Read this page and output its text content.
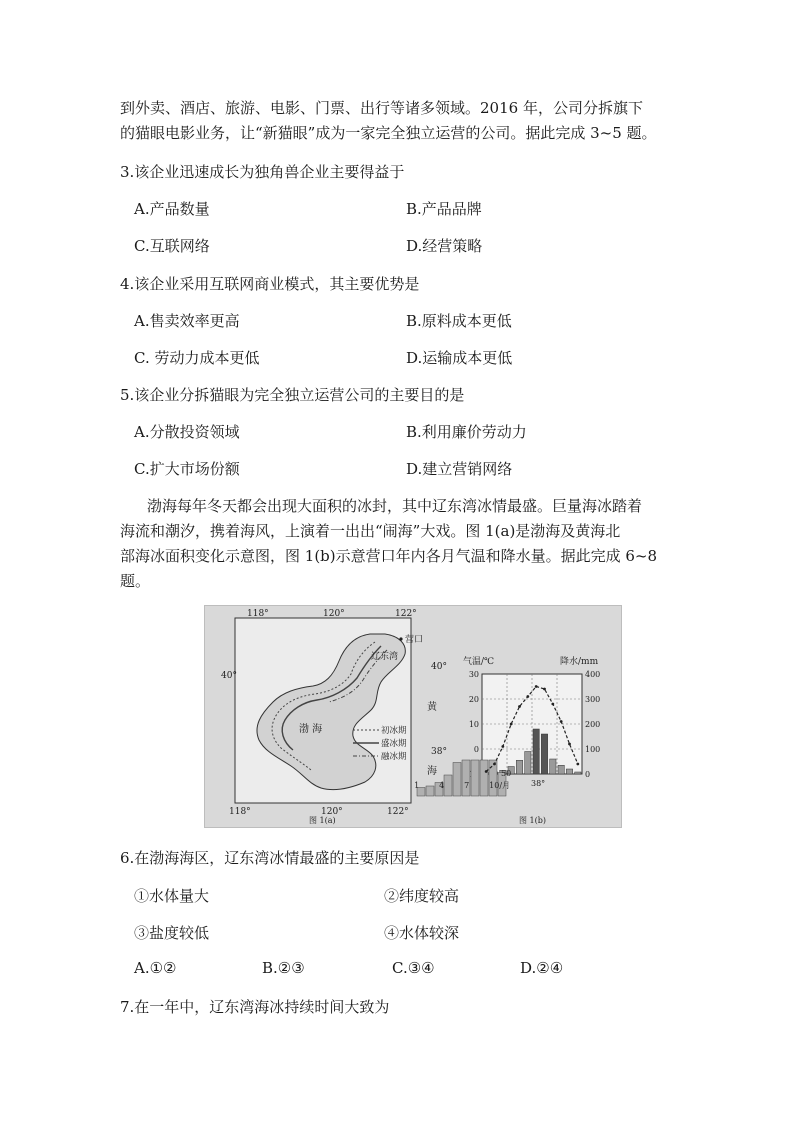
到外卖、酒店、旅游、电影、门票、出行等诸多领域。2016 年，公司分拆旗下
的猫眼电影业务，让“新猫眼”成为一家完全独立运营的公司。据此完成 3~5 题。
3.该企业迅速成长为独角兽企业主要得益于
A.产品数量	B.产品品牌
C.互联网络	D.经营策略
4.该企业采用互联网商业模式，其主要优势是
A.售卖效率更高	B.原料成本更低
C. 劳动力成本更低	D.运输成本更低
5.该企业分拆猫眼为完全独立运营公司的主要目的是
A.分散投资领域	B.利用廉价劳动力
C.扩大市场份额	D.建立营销网络
渤海每年冬天都会出现大面积的冰封，其中辽东湾冰情最盛。巨量海冰踏着
海流和潮汐，携着海风，上演着一出出“闹海”大戏。图 1(a)是渤海及黄海北
部海冰面积变化示意图，图 1(b)示意营口年内各月气温和降水量。据此完成 6~8
题。
118°	120°	122°
118°	120°	122°
40°
40°
38°
营口
辽东湾
渤 海
黄
海
初冰期
盛冰期
融冰期
图 1(a)
气温/℃	降水/mm
图 1(b)
30
20
10
0
400
300
200
100
0
1 4 7 10/月
50
38°
6.在渤海海区，辽东湾冰情最盛的主要原因是
①水体量大	②纬度较高
③盐度较低	④水体较深
A.①②	B.②③	C.③④	D.②④
7.在一年中，辽东湾海冰持续时间大致为
